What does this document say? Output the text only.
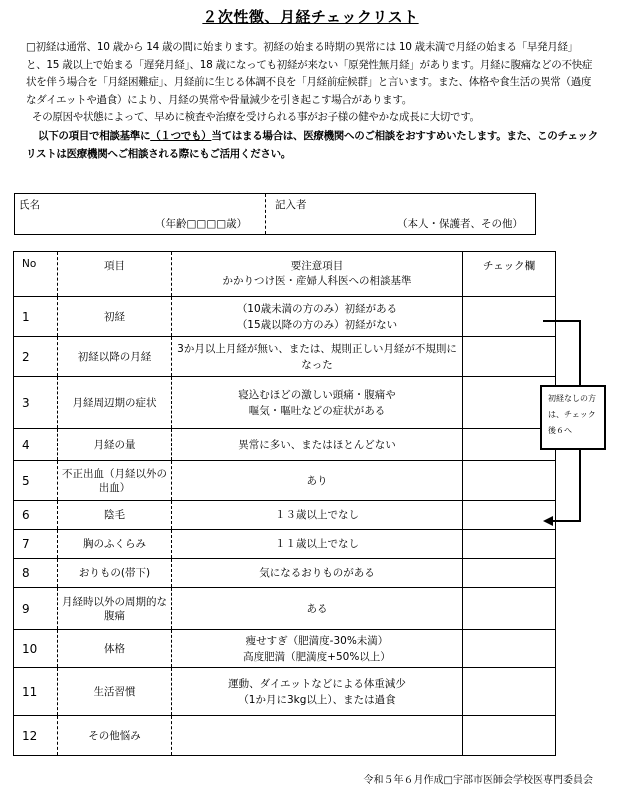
２次性徴、月経チェックリスト

□初経は通常、10 歳から 14 歳の間に始まります。初経の始まる時期の異常には 10 歳未満で月経の始まる「早発月経」と、15 歳以上で始まる「遅発月経」、18 歳になっても初経が来ない「原発性無月経」があります。月経に腹痛などの不快症状を伴う場合を「月経困難症」、月経前に生じる体調不良を「月経前症候群」と言います。また、体格や食生活の異常（過度なダイエットや過食）により、月経の異常や骨量減少を引き起こす場合があります。

その原因や状態によって、早めに検査や治療を受けられる事がお子様の健やかな成長に大切です。

以下の項目で相談基準に（１つでも）当てはまる場合は、医療機関へのご相談をおすすめいたします。また、このチェックリストは医療機関へご相談される際にもご活用ください。

氏名
（年齢□□□□歳）
記入者
（本人・保護者、その他）
No	項目	要注意項目
かかりつけ医・産婦人科医への相談基準	チェック欄
1	初経	（10歳未満の方のみ）初経がある
（15歳以降の方のみ）初経がない	
2	初経以降の月経	3か月以上月経が無い、または、規則正しい月経が不規則になった	
3	月経周辺期の症状	寝込むほどの激しい頭痛・腹痛や
嘔気・嘔吐などの症状がある	
4	月経の量	異常に多い、またはほとんどない	
5	不正出血（月経以外の出血）	あり	
6	陰毛	１３歳以上でなし	
7	胸のふくらみ	１１歳以上でなし	
8	おりもの(帯下)	気になるおりものがある	
9	月経時以外の周期的な腹痛	ある	
10	体格	痩せすぎ（肥満度-30%未満）
高度肥満（肥満度+50%以上）	
11	生活習慣	運動、ダイエットなどによる体重減少
（1か月に3kg以上）、または過食	
12	その他悩み		
初経なしの方は、チェック後６へ
令和５年６月作成□宇部市医師会学校医専門委員会
